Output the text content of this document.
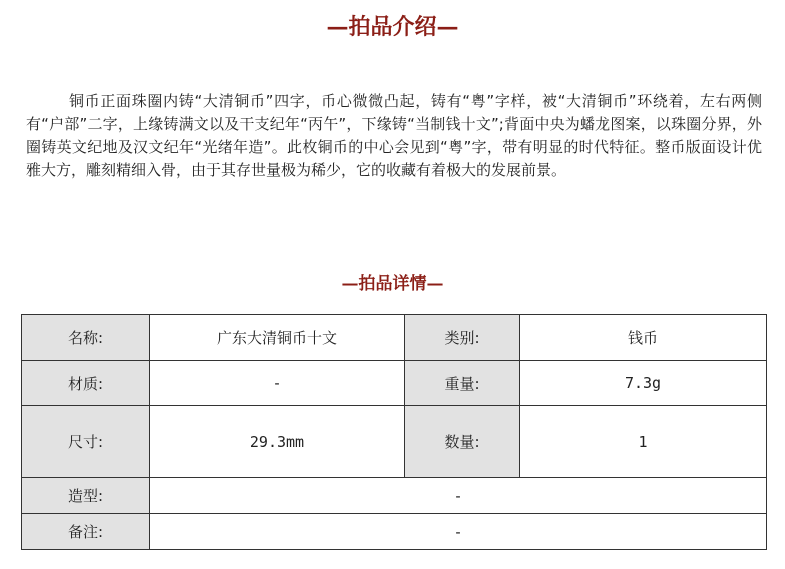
—拍品介绍—

铜币正面珠圈内铸“大清铜币”四字，币心微微凸起，铸有“粤”字样，被“大清铜币”环绕着，左右两侧有“户部”二字，上缘铸满文以及干支纪年“丙午”，下缘铸“当制钱十文”;背面中央为蟠龙图案，以珠圈分界，外圈铸英文纪地及汉文纪年“光绪年造”。此枚铜币的中心会见到“粤”字，带有明显的时代特征。整币版面设计优雅大方，雕刻精细入骨，由于其存世量极为稀少，它的收藏有着极大的发展前景。

—拍品详情—
名称:	广东大清铜币十文	类别:	钱币
材质:	-	重量:	7.3g
尺寸:	29.3mm	数量:	1
造型:	-		
备注:	-		
